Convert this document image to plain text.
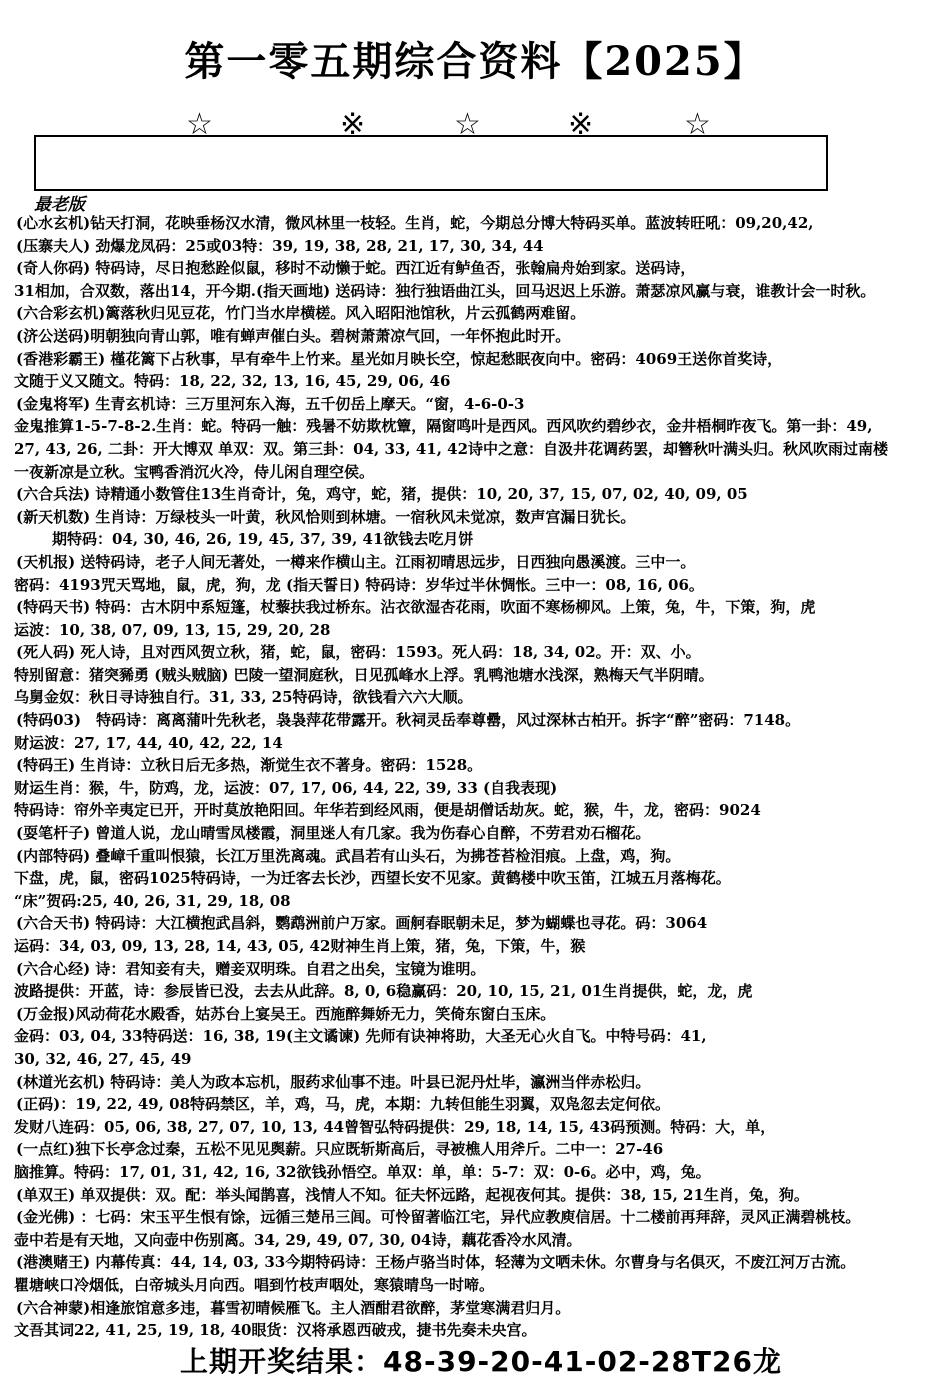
第一零五期综合资料【2025】
☆	※	☆	※	☆
最老版
(心水玄机)钻天打洞，花映垂杨汉水清，微风林里一枝轻。生肖，蛇，今期总分博大特码买单。蓝波转旺吼：09,20,42,
(压寨夫人) 劲爆龙凤码：25或03特：39, 19, 38, 28, 21, 17, 30, 34, 44
(奇人你码) 特码诗，尽日抱愁跧似鼠，移时不动懒于蛇。西江近有鲈鱼否，张翰扁舟始到家。送码诗，
31相加，合双数，落出14，开今期.(指天画地) 送码诗：独行独语曲江头，回马迟迟上乐游。萧瑟凉风赢与衰，谁教计会一时秋。
(六合彩玄机)篱落秋归见豆花，竹门当水岸横槎。风入昭阳池馆秋，片云孤鹤两难留。
(济公送码)明朝独向青山郭，唯有蝉声催白头。碧树萧萧凉气回，一年怀抱此时开。
(香港彩霸王) 槿花篱下占秋事，早有牵牛上竹来。星光如月映长空，惊起愁眠夜向中。密码：4069王送你首奖诗，
文随于义又随文。特码：18, 22, 32, 13, 16, 45, 29, 06, 46
(金鬼将军) 生青玄机诗：三万里河东入海，五千仞岳上摩天。“窗，4-6-0-3
金鬼推算1-5-7-8-2.生肖：蛇。特码一触：残暑不妨欺枕簟，隔窗鸣叶是西风。西风吹约碧纱衣，金井梧桐昨夜飞。第一卦：49,
27, 43, 26, 二卦：开大博双 单双：双。第三卦：04, 33, 41, 42诗中之意：自汲井花调药罢，却簪秋叶满头归。秋风吹雨过南楼
一夜新凉是立秋。宝鸭香消沉火冷，侍儿闲自理空侯。
(六合兵法) 诗精通小数管住13生肖奇计，兔，鸡守，蛇，猪，提供：10, 20, 37, 15, 07, 02, 40, 09, 05
(新天机数) 生肖诗：万绿枝头一叶黄，秋风恰则到林塘。一宿秋风未觉凉，数声宫漏日犹长。
期特码：04, 30, 46, 26, 19, 45, 37, 39, 41欲钱去吃月饼
(天机报) 送特码诗，老子人间无著处，一樽来作横山主。江雨初晴思远步，日西独向愚溪渡。三中一。
密码：4193咒天骂地，鼠，虎，狗，龙 (指天誓日) 特码诗：岁华过半休惆怅。三中一：08, 16, 06。
(特码天书) 特码：古木阴中系短篷，杖藜扶我过桥东。沾衣欲湿杏花雨，吹面不寒杨柳风。上策，兔，牛，下策，狗，虎
运波：10, 38, 07, 09, 13, 15, 29, 20, 28
(死人码) 死人诗，且对西风贺立秋，猪，蛇，鼠，密码：1593。死人码：18, 34, 02。开：双、小。
特别留意：猪突豨勇 (贼头贼脑) 巴陵一望洞庭秋，日见孤峰水上浮。乳鸭池塘水浅深，熟梅天气半阴晴。
乌舅金奴：秋日寻诗独自行。31, 33, 25特码诗，欲钱看六六大顺。
(特码03)　特码诗：离离蒲叶先秋老，袅袅萍花带露开。秋祠灵岳奉尊罍，风过深林古柏开。拆字“醉”密码：7148。
财运波：27, 17, 44, 40, 42, 22, 14
(特码王) 生肖诗：立秋日后无多热，渐觉生衣不著身。密码：1528。
财运生肖：猴，牛，防鸡，龙，运波：07, 17, 06, 44, 22, 39, 33 (自我表现)
特码诗：帘外辛夷定已开，开时莫放艳阳回。年华若到经风雨，便是胡僧话劫灰。蛇，猴，牛，龙，密码：9024
(耍笔杆子) 曾道人说，龙山晴雪凤楼霞，洞里迷人有几家。我为伤春心自醉，不劳君劝石榴花。
(内部特码) 叠嶂千重叫恨猿，长江万里洗离魂。武昌若有山头石，为拂苍苔检泪痕。上盘，鸡，狗。
下盘，虎，鼠，密码1025特码诗，一为迁客去长沙，西望长安不见家。黄鹤楼中吹玉笛，江城五月落梅花。
“床”贺码:25, 40, 26, 31, 29, 18, 08
(六合天书) 特码诗：大江横抱武昌斜，鹦鹉洲前户万家。画舸春眠朝未足，梦为蝴蝶也寻花。码：3064
运码：34, 03, 09, 13, 28, 14, 43, 05, 42财神生肖上策，猪，兔，下策，牛，猴
(六合心经) 诗：君知妾有夫，赠妾双明珠。自君之出矣，宝镜为谁明。
波路提供：开蓝，诗：参辰皆已没，去去从此辞。8, 0, 6稳赢码：20, 10, 15, 21, 01生肖提供，蛇，龙，虎
(万金报)风动荷花水殿香，姑苏台上宴吴王。西施醉舞娇无力，笑倚东窗白玉床。
金码：03, 04, 33特码送：16, 38, 19(主文谲谏) 先师有诀神将助，大圣无心火自飞。中特号码：41,
30, 32, 46, 27, 45, 49
(林道光玄机) 特码诗：美人为政本忘机，服药求仙事不违。叶县已泥丹灶毕，瀛洲当伴赤松归。
(正码)：19, 22, 49, 08特码禁区，羊，鸡，马，虎，本期：九转但能生羽翼，双凫忽去定何依。
发财八连码：05, 06, 38, 27, 07, 10, 13, 44曾智弘特码提供：29, 18, 14, 15, 43码预测。特码：大，单，
(一点红)独下长亭念过秦，五松不见见舆薪。只应既斩斯高后，寻被樵人用斧斤。二中一：27-46
脑推算。特码：17, 01, 31, 42, 16, 32欲钱孙悟空。单双：单，单：5-7：双：0-6。必中，鸡，兔。
(单双王) 单双提供：双。配：举头闻鹊喜，浅情人不知。征夫怀远路，起视夜何其。提供：38, 15, 21生肖，兔，狗。
(金光佛) ：七码：宋玉平生恨有馀，远循三楚吊三闾。可怜留著临江宅，异代应教庾信居。十二楼前再拜辞，灵风正满碧桃枝。
壶中若是有天地，又向壶中伤别离。34, 29, 49, 07, 30, 04诗，藕花香冷水风清。
(港澳赌王) 内幕传真：44, 14, 03, 33今期特码诗：王杨卢骆当时体，轻薄为文哂未休。尔曹身与名俱灭，不废江河万古流。
瞿塘峡口冷烟低，白帝城头月向西。唱到竹枝声咽处，寒猿晴鸟一时啼。
(六合神蒙)相逢旅馆意多违，暮雪初晴候雁飞。主人酒酣君欲醉，茅堂寒满君归月。
文吾其词22, 41, 25, 19, 18, 40眼货：汉将承恩西破戎，捷书先奏未央宫。
上期开奖结果：48-39-20-41-02-28T26龙
